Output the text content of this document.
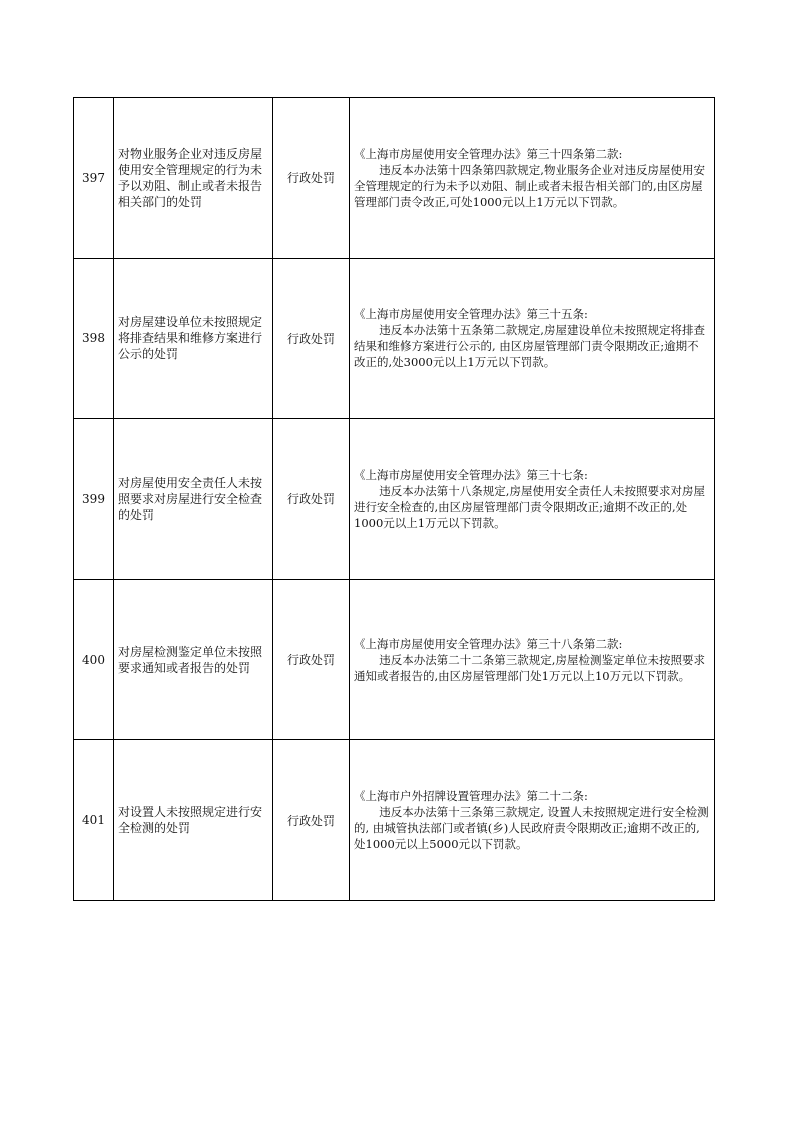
397	对物业服务企业对违反房屋使用安全管理规定的行为未予以劝阻、制止或者未报告相关部门的处罚	行政处罚	《上海市房屋使用安全管理办法》第三十四条第二款:
违反本办法第十四条第四款规定,物业服务企业对违反房屋使用安全管理规定的行为未予以劝阻、制止或者未报告相关部门的,由区房屋管理部门责令改正,可处1000元以上1万元以下罚款。

398	对房屋建设单位未按照规定将排查结果和维修方案进行公示的处罚	行政处罚	《上海市房屋使用安全管理办法》第三十五条:
违反本办法第十五条第二款规定,房屋建设单位未按照规定将排查结果和维修方案进行公示的, 由区房屋管理部门责令限期改正;逾期不改正的,处3000元以上1万元以下罚款。

399	对房屋使用安全责任人未按照要求对房屋进行安全检查的处罚	行政处罚	《上海市房屋使用安全管理办法》第三十七条:
违反本办法第十八条规定,房屋使用安全责任人未按照要求对房屋进行安全检查的,由区房屋管理部门责令限期改正;逾期不改正的,处1000元以上1万元以下罚款。

400	对房屋检测鉴定单位未按照要求通知或者报告的处罚	行政处罚	《上海市房屋使用安全管理办法》第三十八条第二款:
违反本办法第二十二条第三款规定,房屋检测鉴定单位未按照要求通知或者报告的,由区房屋管理部门处1万元以上10万元以下罚款。

401	对设置人未按照规定进行安全检测的处罚	行政处罚	《上海市户外招牌设置管理办法》第二十二条:
违反本办法第十三条第三款规定, 设置人未按照规定进行安全检测的, 由城管执法部门或者镇(乡)人民政府责令限期改正;逾期不改正的, 处1000元以上5000元以下罚款。
